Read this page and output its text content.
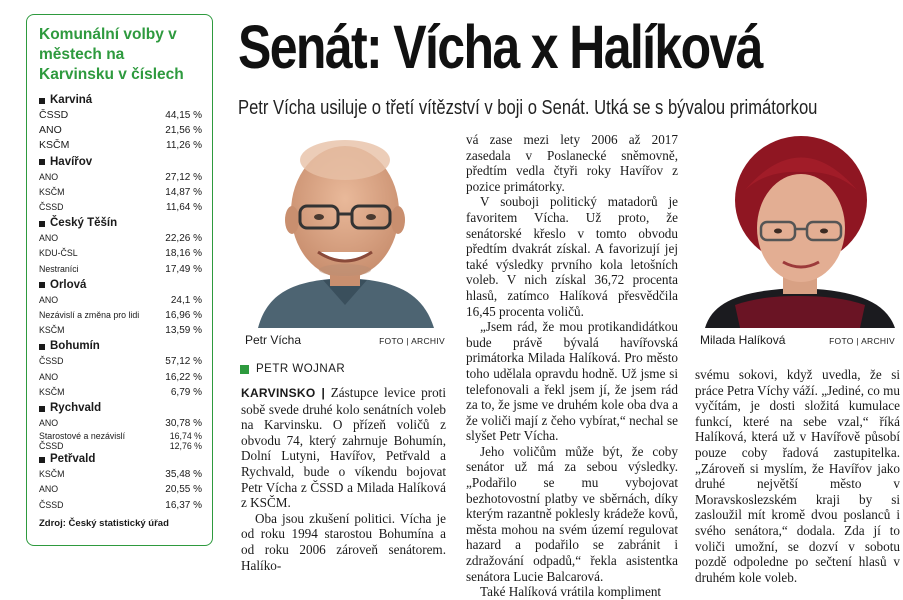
Komunální volby v městech na Karvinsku v číslech
Karviná
ČSSD	44,15 %
ANO	21,56 %
KSČM	11,26 %
Havířov
ANO	27,12 %
KSČM	14,87 %
ČSSD	11,64 %
Český Těšín
ANO	22,26 %
KDU-ČSL	18,16 %
Nestraníci	17,49 %
Orlová
ANO	24,1 %
Nezávislí a změna pro lidi	16,96 %
KSČM	13,59 %
Bohumín
ČSSD	57,12 %
ANO	16,22 %
KSČM	6,79 %
Rychvald
ANO	30,78 %
Starostové a nezávislí	16,74 %
ČSSD	12,76 %
Petřvald
KSČM	35,48 %
ANO	20,55 %
ČSSD	16,37 %
Zdroj: Český statistický úřad
Senát: Vícha x Halíková
Petr Vícha usiluje o třetí vítězství v boji o Senát. Utká se s bývalou primátorkou
Petr Vícha	FOTO | ARCHIV	Milada Halíková	FOTO | ARCHIV
PETR WOJNAR

KARVINSKO | Zástupce levice proti sobě svede druhé kolo senátních voleb na Karvinsku. O přízeň voličů z obvodu 74, který zahrnuje Bohumín, Dolní Lutyni, Havířov, Petřvald a Rychvald, bude o víkendu bojovat Petr Vícha z ČSSD a Milada Halíková z KSČM.

Oba jsou zkušení politici. Vícha je od roku 1994 starostou Bohumína a od roku 2006 zároveň senátorem. Halíko-

vá zase mezi lety 2006 až 2017 zasedala v Poslanecké sněmovně, předtím vedla čtyři roky Havířov z pozice primátorky.

V souboji politický matadorů je favoritem Vícha. Už proto, že senátorské křeslo v tomto obvodu předtím dvakrát získal. A favorizují jej také výsledky prvního kola letošních voleb. V nich získal 36,72 procenta hlasů, zatímco Halíková přesvědčila 16,45 procenta voličů.

„Jsem rád, že mou protikandidátkou bude právě bývalá havířovská primátorka Milada Halíková. Pro město toho udělala opravdu hodně. Už jsme si telefonovali a řekl jsem jí, že jsem rád za to, že jsme ve druhém kole oba dva a že voliči mají z čeho vybírat,“ nechal se slyšet Petr Vícha.

Jeho voličům může být, že coby senátor už má za sebou výsledky. „Podařilo se mu vybojovat bezhotovostní platby ve sběrnách, díky kterým razantně poklesly krádeže kovů, města mohou na svém území regulovat hazard a podařilo se zabránit i zdražování odpadů,“ řekla asistentka senátora Lucie Balcarová.

Také Halíková vrátila kompliment

svému sokovi, když uvedla, že si práce Petra Víchy váží. „Jediné, co mu vyčítám, je dosti složitá kumulace funkcí, které na sebe vzal,“ říká Halíková, která už v Havířově působí pouze coby řadová zastupitelka. „Zároveň si myslím, že Havířov jako druhé největší město v Moravskoslezském kraji by si zasloužil mít kromě dvou poslanců i svého senátora,“ dodala. Zda jí to voliči umožní, se dozví v sobotu pozdě odpoledne po sečtení hlasů v druhém kole voleb.
